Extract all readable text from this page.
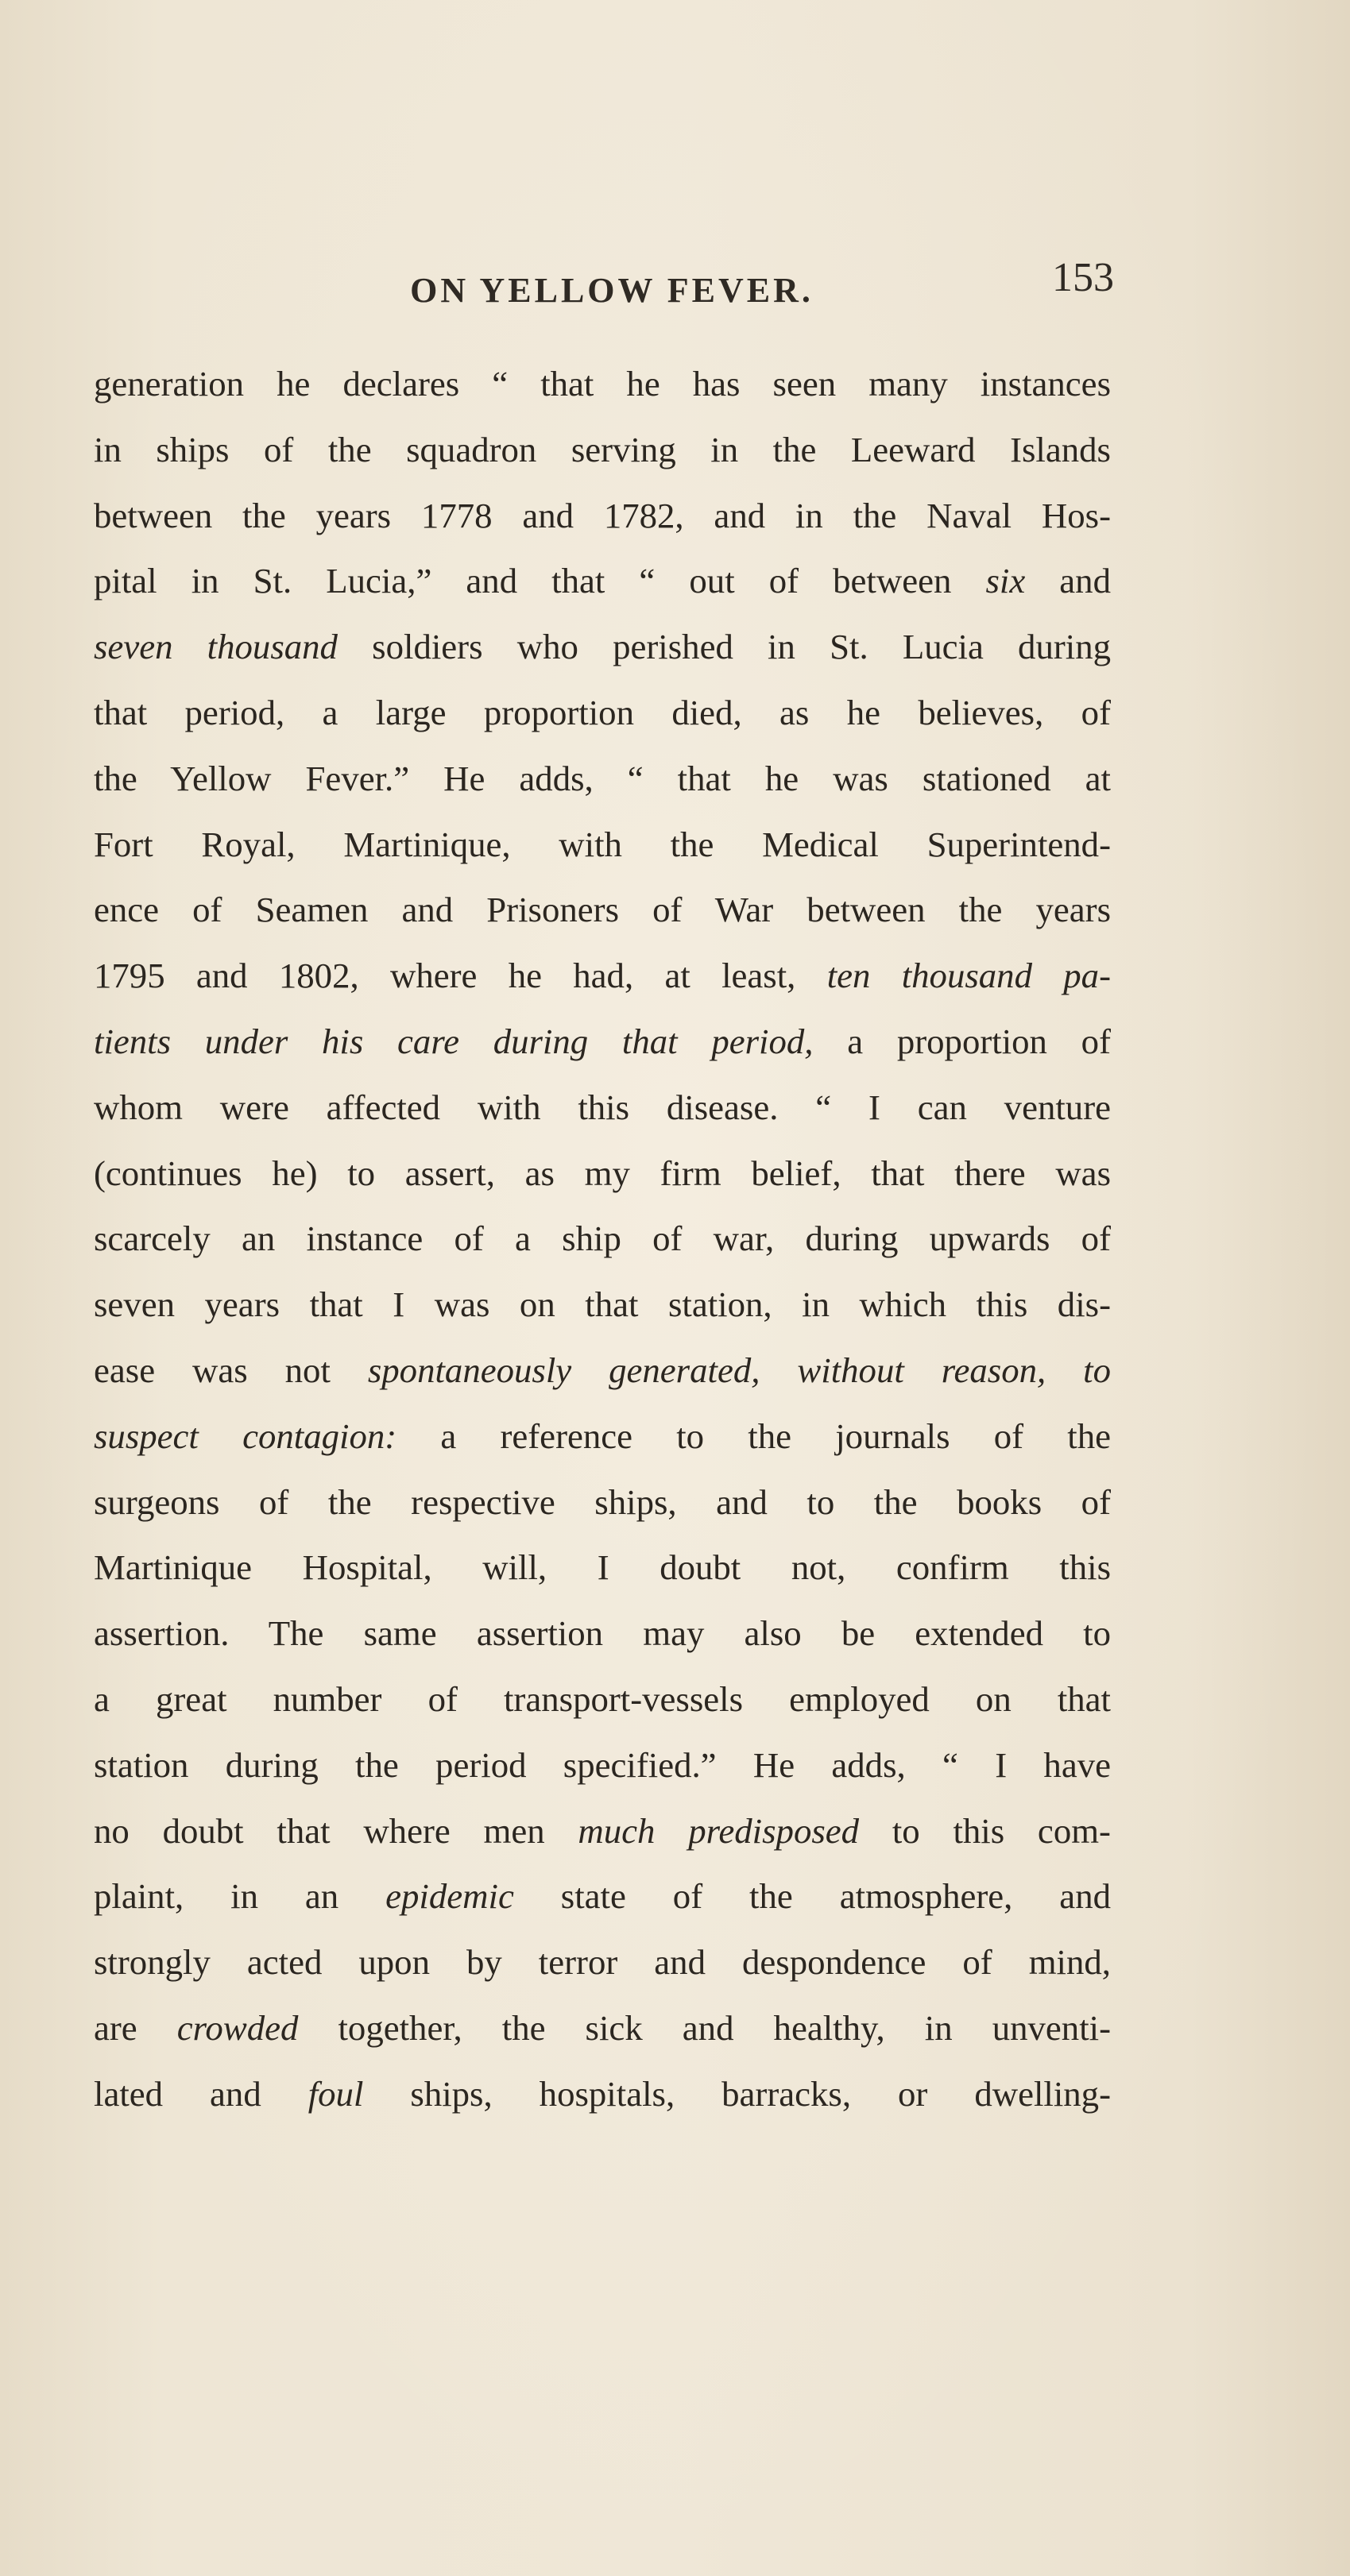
ON YELLOW FEVER.	153
generation he declares “ that he has seen many instances
in ships of the squadron serving in the Leeward Islands
between the years 1778 and 1782, and in the Naval Hos-
pital in St. Lucia,” and that “ out of between six and
seven thousand soldiers who perished in St. Lucia during
that period, a large proportion died, as he believes, of
the Yellow Fever.” He adds, “ that he was stationed at
Fort Royal, Martinique, with the Medical Superintend-
ence of Seamen and Prisoners of War between the years
1795 and 1802, where he had, at least, ten thousand pa-
tients under his care during that period, a proportion of
whom were affected with this disease. “ I can venture
(continues he) to assert, as my firm belief, that there was
scarcely an instance of a ship of war, during upwards of
seven years that I was on that station, in which this dis-
ease was not spontaneously generated, without reason, to
suspect contagion: a reference to the journals of the
surgeons of the respective ships, and to the books of
Martinique Hospital, will, I doubt not, confirm this
assertion. The same assertion may also be extended to
a great number of transport-vessels employed on that
station during the period specified.” He adds, “ I have
no doubt that where men much predisposed to this com-
plaint, in an epidemic state of the atmosphere, and
strongly acted upon by terror and despondence of mind,
are crowded together, the sick and healthy, in unventi-
lated and foul ships, hospitals, barracks, or dwelling-
